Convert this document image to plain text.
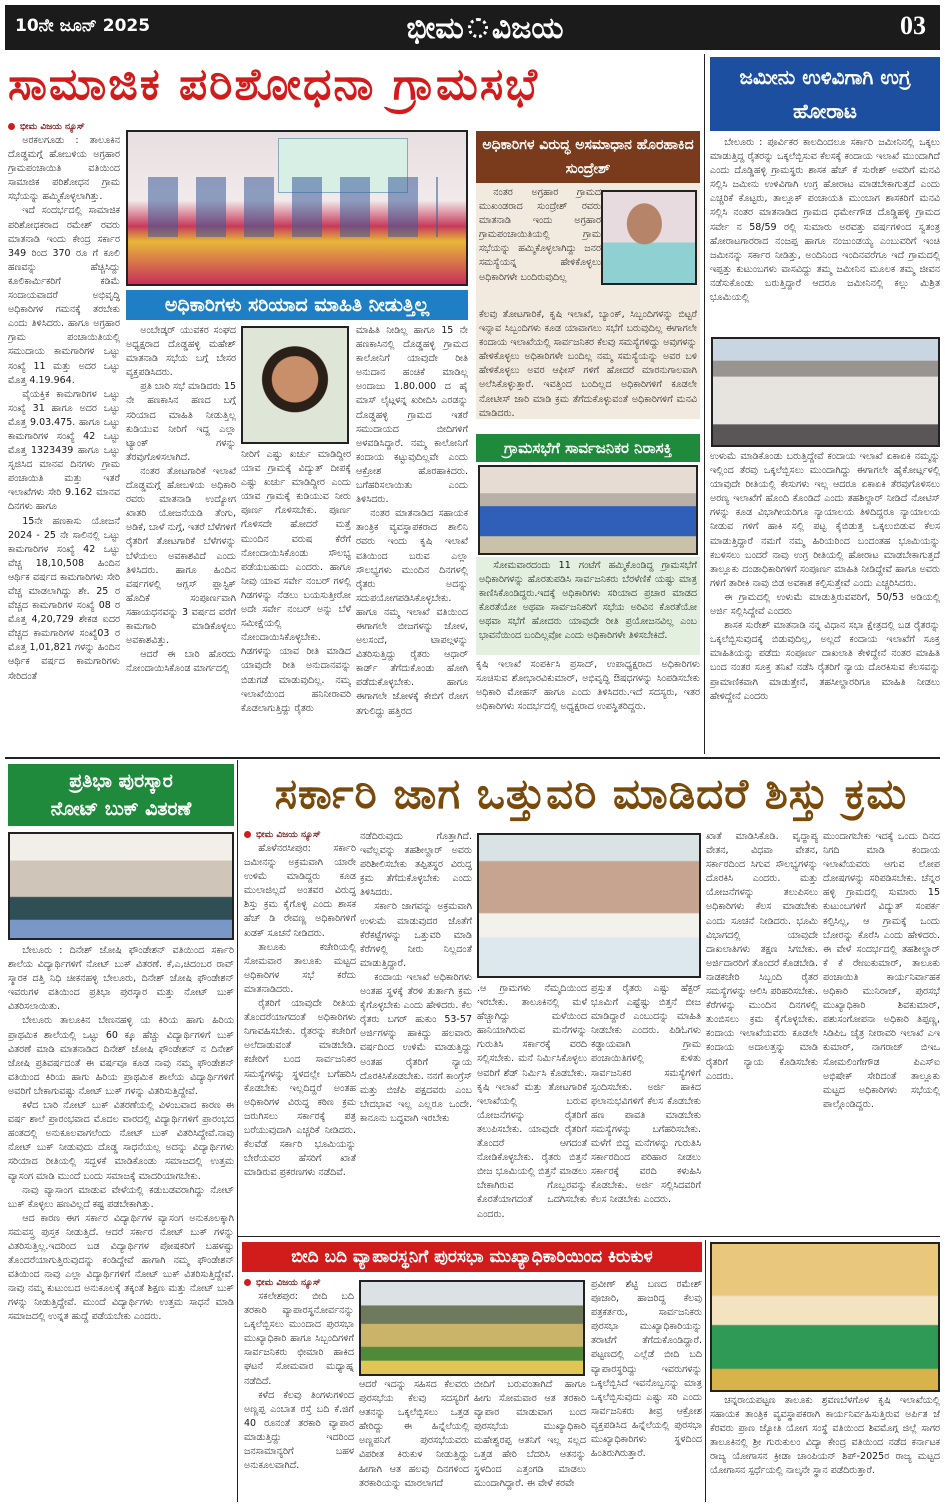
10ನೇ ಜೂನ್ 2025	ಭೀಮ ವಿಜಯ	03
ಸಾಮಾಜಿಕ ಪರಿಶೋಧನಾ ಗ್ರಾಮಸಭೆ
ಭೀಮ ವಿಜಯ ನ್ಯೂಸ್

ಅರಕಲಗೂಡು : ತಾಲೂಕಿನ ದೊಡ್ಡಮಗ್ಗೆ ಹೋಬಳಿಯ ಅಗ್ರಹಾರ ಗ್ರಾಮಪಂಚಾಯಿತಿ ವತಿಯಿಂದ ಸಾಮಾಜಿಕ ಪರಿಶೋಧನ ಗ್ರಾಮ ಸಭೆಯನ್ನು ಹಮ್ಮಿಕೊಳ್ಳಲಾಗಿತ್ತು.

ಇದೆ ಸಂದರ್ಭದಲ್ಲಿ ಸಾಮಾಜಿಕ ಪರಿಶೋಧಕರಾದ ರಮೇಶ್ ರವರು ಮಾತನಾಡಿ ಇಂದು ಕೇಂದ್ರ ಸರ್ಕಾರ 349 ರಿಂದ 370 ರೂ ಗೆ ಕೂಲಿ ಹಣವನ್ನು ಹೆಚ್ಚಿಸಿದ್ದು ಕೂಲಿಕಾರ್ಮಿಕರಿಗೆ ಕಡಿಮೆ ಸಂದಾಯವಾದರೆ ಅಭಿವೃದ್ಧಿ ಅಧಿಕಾರಿಗಳ ಗಮನಕ್ಕೆ ತರಬೇಕು ಎಂದು ತಿಳಿಸಿದರು. ಹಾಗೂ ಅಗ್ರಹಾರ ಗ್ರಾಮ ಪಂಚಾಯಿತಿಯಲ್ಲಿ ಸಮುದಾಯ ಕಾಮಗಾರಿಗಳ ಒಟ್ಟು ಸಂಖ್ಯೆ 11 ಮತ್ತು ಅದರ ಒಟ್ಟು ಮೊತ್ತ 4.19.964.

ವೈಯಕ್ತಿಕ ಕಾಮಗಾರಿಗಳ ಒಟ್ಟು ಸಂಖ್ಯೆ 31 ಹಾಗೂ ಅದರ ಒಟ್ಟು ಮೊತ್ತ 9.03.475. ಹಾಗೂ ಒಟ್ಟು ಕಾಮಗಾರಿಗಳ ಸಂಖ್ಯೆ 42 ಒಟ್ಟು ಮೊತ್ತ 1323439 ಹಾಗೂ ಒಟ್ಟು ಸೃಜಿಸಿದ ಮಾನವ ದಿನಗಳು ಗ್ರಾಮ ಪಂಚಾಯಿತಿ ಮತ್ತು ಇತರೆ ಇಲಾಖೆಗಳು ಸೇರಿ 9.162 ಮಾನವ ದಿನಗಳು ಹಾಗೂ

15ನೇ ಹಣಕಾಸು ಯೋಜನೆ 2024 - 25 ನೇ ಸಾಲಿನಲ್ಲಿ ಒಟ್ಟು ಕಾಮಗಾರಿಗಳ ಸಂಖ್ಯೆ 42 ಒಟ್ಟು ವೆಚ್ಚ 18,10,508 ಹಿಂದಿನ ಆರ್ಥಿಕ ವರ್ಷದ ಕಾಮಗಾರಿಗಳು ಸೇರಿ ವೆಚ್ಚ ಮಾಡಲಾಗಿದ್ದು ಶೇ. 25 ರ ವೆಚ್ಚದ ಕಾಮಗಾರಿಗಳ ಸಂಖ್ಯೆ 08 ರ ಮೊತ್ತ 4,20,729 ಶೇಕಡ ಐದರ ವೆಚ್ಚದ ಕಾಮಗಾರಿಗಳ ಸಂಖ್ಯೆ03 ರ ಮೊತ್ತ 1,01,821 ಗಳನ್ನು ಹಿಂದಿನ ಆರ್ಥಿಕ ವರ್ಷದ ಕಾಮಗಾರಿಗಳು ಸೇರಿದಂತೆ

ಅಧಿಕಾರಿಗಳು ಸರಿಯಾದ ಮಾಹಿತಿ ನೀಡುತ್ತಿಲ್ಲ

ಅಂಬೇಡ್ಕರ್ ಯುವಕರ ಸಂಘದ ಅಧ್ಯಕ್ಷರಾದ ದೊಡ್ಡಹಳ್ಳಿ ಮಹೇಶ್ ಮಾತನಾಡಿ ಸಭೆಯ ಬಗ್ಗೆ ಬೇಸರ ವ್ಯಕ್ತಪಡಿಸಿದರು.

ಪ್ರತಿ ಬಾರಿ ಸಭೆ ಮಾಡಿದರು 15 ನೇ ಹಣಕಾಸಿನ ಹಣದ ಬಗ್ಗೆ ಸರಿಯಾದ ಮಾಹಿತಿ ನೀಡುತ್ತಿಲ್ಲ ಕುಡಿಯುವ ನೀರಿಗೆ ಇದ್ದ ಎಲ್ಲಾ ಟ್ಯಾಂಕ್ ಗಳನ್ನು ತೆರವುಗೊಳಿಸಲಾಗಿದೆ.

ನಂತರ ತೋಟಗಾರಿಕೆ ಇಲಾಖೆ ದೊಡ್ಡಮಗ್ಗೆ ಹೋಬಳಿಯ ಅಧಿಕಾರಿ ರವರು ಮಾತನಾಡಿ ಉದ್ಯೋಗ ಖಾತರಿ ಯೋಜನೆಯಡಿ ತೆಂಗು, ಅಡಿಕೆ, ಬಾಳೆ ನುಗ್ಗೆ, ಇತರೆ ಬೆಳೆಗಳಿಗೆ ರೈತರಿಗೆ ತೋಟಗಾರಿಕೆ ಬೆಳೆಗಳನ್ನು ಬೆಳೆಯಲು ಅವಕಾಶವಿದೆ ಎಂದು ತಿಳಿಸಿದರು. ಹಾಗೂ ಹಿಂದಿನ ವರ್ಷಗಳಲ್ಲಿ ಆಗ್ಲಸ್ ಪ್ಲಾಸ್ಟಿಕ್ ಹೊದಿಕೆ ಸಂಪೂರ್ಣವಾಗಿ ಸಹಾಯಧನವನ್ನು 3 ವರ್ಷದ ವರೆಗೆ ಕಾಮಗಾರಿ ಮಾಡಿಕೊಳ್ಳಲು ಅವಕಾಶವಿತ್ತು.

ಆದರೆ ಈ ಬಾರಿ ಹೊರದು ನೋಂದಾಯಿಸಿಕೊಂಡ ಮಾರ್ಗದಲ್ಲಿ

ನೀರಿಗೆ ಎಷ್ಟು ಖರ್ಚು ಮಾಡಿದ್ದೀರ ಯಾವ ಗ್ರಾಮಕ್ಕೆ ವಿದ್ಯುತ್ ದೀಪಕ್ಕೆ ಎಷ್ಟು ಖರ್ಚು ಮಾಡಿದ್ದೀರ ಎಂದು ಯಾವ ಗ್ರಾಮಕ್ಕೆ ಕುಡಿಯುವ ನೀರು ಪೂರ್ಣ ಗೊಳಿಸಬೇಕು. ಪೂರ್ಣ ಗೊಳಿಸದೇ ಹೋದರೆ ಮತ್ತೆ ಮುಂದಿನ ವರುಷ ಕೆರೆಗೆ ನೋಂದಾಯಿಸಿಕೊಂಡು ಸೌಲಭ್ಯ ಪಡೆಯಬಹುದು ಎಂದರು. ಹಾಗೂ ನೀವು ಯಾವ ಸರ್ವೇ ನಂಬರ್ ಗಳಲ್ಲಿ ಗಿಡಗಳನ್ನು ನೆಡಲು ಬಯಸುತ್ತೀರೋ ಅದೇ ಸರ್ವೇ ನಂಬರ್ ಅನ್ನು ಬೆಳೆ ಸಮೀಕ್ಷೆಯಲ್ಲಿ ನೋಂದಾಯಿಸಿಕೊಳ್ಳಬೇಕು. ಗಿಡಗಳನ್ನು ಯಾವ ರೀತಿ ಮಾಡಿದ ಯಾವುದೇ ರೀತಿ ಅನುದಾನವನ್ನು ಬಿಡುಗಡೆ ಮಾಡುವುದಿಲ್ಲ. ನಮ್ಮ ಇಲಾಖೆಯಿಂದ ಹನಿನೀರಾವರಿ ಕೊಡಲಾಗುತ್ತಿದ್ದು ರೈತರು

ಮಾಹಿತಿ ನೀಡಿಲ್ಲ ಹಾಗೂ 15 ನೇ ಹಣಕಾಸಿನಲ್ಲಿ ದೊಡ್ಡಹಳ್ಳಿ ಗ್ರಾಮದ ಕಾಲೋನಿಗೆ ಯಾವುದೇ ರೀತಿ ಅನುದಾನ ಹಂಚಿಕೆ ಮಾಡಿಲ್ಲ ಅಂದಾಜು 1.80.000 ದ ಹೈ ಮಾಸ್ ಲೈಟ್ಗಳನ್ನ ಖರೀದಿಸಿ ಎರಡನ್ನು ದೊಡ್ಡಹಳ್ಳಿ ಗ್ರಾಮದ ಇತರೆ ಸಮುದಾಯದ ಬೀದಿಗಳಿಗೆ ಅಳವಡಿಸಿದ್ದಾರೆ. ನಮ್ಮ ಕಾಲೋನಿಗೆ ಕಂದಾಯ ಕಟ್ಟುವುದಿಲ್ಲವೇ ಎಂದು ಆಕ್ರೋಶ ಹೊರಹಾಕಿದರು. ಬಗೆಹರಿಸಲಾಯಿತು ಎಂದು ತಿಳಿಸಿದರು.

ನಂತರ ಮಾತನಾಡಿದ ಸಹಾಯಕ ತಾಂತ್ರಿಕ ವ್ಯವಸ್ಥಾಪಕರಾದ ಶಾಲಿನಿ ರವರು ಇಂದು ಕೃಷಿ ಇಲಾಖೆ ವತಿಯಿಂದ ಬರುವ ಎಲ್ಲಾ ಸೌಲಭ್ಯಗಳು ಮುಂದಿನ ದಿನಗಳಲ್ಲಿ ರೈತರು ಅದನ್ನು ಸದುಪಯೋಗಪಡಿಸಿಕೊಳ್ಳಬೇಕು. ಹಾಗೂ ನಮ್ಮ ಇಲಾಖೆ ವತಿಯಿಂದ ಈಗಾಗಲೇ ಬೀಜಗಳನ್ನು ಜೋಳ, ಅಲಸಂದೆ, ಟಾಪಲ್ಗಳನ್ನು ವಿತರಿಸುತ್ತಿದ್ದು ರೈತರು ಆಧಾರ್ ಕಾರ್ಡ್ ತೆಗೆದುಕೊಂಡು ಹೋಗಿ ಪಡೆದುಕೊಳ್ಳಬೇಕು. ಹಾಗೂ ಈಗಾಗಲೇ ಜೋಳಕ್ಕೆ ಕೇಬಿಗೆ ರೋಗ ತಗುಲಿದ್ದು ಹತ್ತಿರದ

ಅಧಿಕಾರಿಗಳ ವಿರುದ್ಧ ಅಸಮಾಧಾನ ಹೊರಹಾಕಿದ ಸುಂದ್ರೇಶ್

ನಂತರ ಅಗ್ರಹಾರ ಗ್ರಾಮದ ಮುಖಂಡರಾದ ಸುಂದ್ರೇಶ್ ರವರು ಮಾತನಾಡಿ ಇಂದು ಅಗ್ರಹಾರ ಗ್ರಾಮಪಂಚಾಯಿತಿಯಲ್ಲಿ ಗ್ರಾಮ ಸಭೆಯನ್ನು ಹಮ್ಮಿಕೊಳ್ಳಲಾಗಿದ್ದು ಜನರ ಸಮಸ್ಯೆಯನ್ನ ಹೇಳಿಕೊಳ್ಳಲು ಅಧಿಕಾರಿಗಳೇ ಬಂದಿರುವುದಿಲ್ಲ

ಕೆಲವು ತೋಟಗಾರಿಕೆ, ಕೃಷಿ ಇಲಾಖೆ, ಬ್ಯಾಂಕ್, ಸಿಬ್ಬಂದಿಗಳನ್ನು ಬಿಟ್ಟರೆ ಇನ್ನಾವ ಸಿಬ್ಬಂದಿಗಳು ಕೂಡ ಯಾವಾಗಲು ಸಭೆಗೆ ಬರುವುದಿಲ್ಲ ಈಗಾಗಲೇ ಕಂದಾಯ ಇಲಾಖೆಯಲ್ಲಿ ಸಾರ್ವಜನಿಕರ ಕೆಲವು ಸಮಸ್ಯೆಗಳಿದ್ದು ಅವುಗಳನ್ನು ಹೇಳಿಕೊಳ್ಳಲು ಅಧಿಕಾರಿಗಳೇ ಬಂದಿಲ್ಲ ನಮ್ಮ ಸಮಸ್ಯೆಯನ್ನು ಅವರ ಬಳಿ ಹೇಳಿಕೊಳ್ಳಲು ಅವರ ಆಫೀಸ್ ಗಳಿಗೆ ಹೋದರೆ ಮಾರನುಗಾಲವಾಗಿ ಅಲೆಸಿಕೊಳ್ಳುತ್ತಾರೆ. ಇವತ್ತಿಂದ ಬಂದಿಲ್ಲದ ಅಧಿಕಾರಿಗಳಿಗೆ ಕೂಡಲೇ ನೋಟೀಸ್ ಜಾರಿ ಮಾಡಿ ಕ್ರಮ ತೆಗೆದುಕೊಳ್ಳುವಂತೆ ಅಧಿಕಾರಿಗಳಿಗೆ ಮನವಿ ಮಾಡಿದರು.

ಗ್ರಾಮಸಭೆಗೆ ಸಾರ್ವಜನಿಕರ ನಿರಾಸಕ್ತಿ

ಸೋಮವಾರದಂದು 11 ಗಂಟೆಗೆ ಹಮ್ಮಿಕೊಂಡಿದ್ದ ಗ್ರಾಮಸಭೆಗೆ ಅಧಿಕಾರಿಗಳನ್ನು ಹೊರತುಪಡಿಸಿ ಸಾರ್ವಜನಿಕರು ಬೆರಳೆಣಿಕೆ ಯಷ್ಟು ಮಾತ್ರ ಕಾಣಿಸಿಕೊಂಡಿದ್ದರು.ಇದಕ್ಕೆ ಅಧಿಕಾರಿಗಳು ಸರಿಯಾದ ಪ್ರಚಾರ ಮಾಡದ ಕೊರತೆಯೋ ಅಥವಾ ಸಾರ್ವಜನಿಕರಿಗೆ ಸಭೆಯ ಅರಿವಿನ ಕೊರತೆಯೋ ಅಥವಾ ಸಭೆಗೆ ಹೋದರು ಯಾವುದೇ ರೀತಿ ಪ್ರಯೋಜನವಿಲ್ಲ ಎಂಬ ಭಾವನೆಯಿಂದ ಬಂದಿಲ್ಲವೋ ಎಂದು ಅಧಿಕಾರಿಗಳೇ ತಿಳಿಸಬೇಕಿದೆ.

ಕೃಷಿ ಇಲಾಖೆ ಸಂಪರ್ಕಿಸಿ ಪ್ರಸಾದ್, ಉಪಾಧ್ಯಕ್ಷರಾದ ಅಧಿಕಾರಿಗಳು ಸೂಚಿಸುವ ಶೋಭಾರವಿಕುಮಾರ್, ಅಭಿವೃದ್ಧಿ ಔಷಧಗಳನ್ನು ಸಿಂಪಡಿಸಬೇಕು ಅಧಿಕಾರಿ ಮೋಹನ್ ಹಾಗೂ ಎಂದು ತಿಳಿಸಿದರು.ಇದೆ ಸದಸ್ಯರು, ಇತರ ಅಧಿಕಾರಿಗಳು ಸಂದರ್ಭದಲ್ಲಿ ಅಧ್ಯಕ್ಷರಾದ ಉಪಸ್ಥಿತರಿದ್ದರು.

ಜಮೀನು ಉಳಿವಿಗಾಗಿ ಉಗ್ರ ಹೋರಾಟ

ಬೇಲೂರು : ಪೂರ್ವಿಕರ ಕಾಲದಿಂದಲೂ ಸರ್ಕಾರಿ ಜಮೀನಿನಲ್ಲಿ ಒಕ್ಕಲು ಮಾಡುತ್ತಿದ್ದ ರೈತರನ್ನು ಒಕ್ಕಲೆಬ್ಬಿಸುವ ಕೆಲಸಕ್ಕೆ ಕಂದಾಯ ಇಲಾಖೆ ಮುಂದಾಗಿದೆ ಎಂದು ದೊಡ್ಡಿಹಳ್ಳಿ ಗ್ರಾಮಸ್ಥರು ಶಾಸಕ ಹೆಚ್ ಕೆ ಸುರೇಶ್ ಅವರಿಗೆ ಮನವಿ ಸಲ್ಲಿಸಿ ಜಮೀನು ಉಳಿವಿಗಾಗಿ ಉಗ್ರ ಹೋರಾಟ ಮಾಡಬೇಕಾಗುತ್ತದೆ ಎಂದು ಎಚ್ಚರಿಕೆ ಕೊಟ್ಟರು, ತಾಲ್ಲೂಕ್ ಪಂಚಾಯತಿ ಮುಂಬಾಗ ಶಾಸಕರಿಗೆ ಮನವಿ ಸಲ್ಲಿಸಿ ನಂತರ ಮಾತನಾಡಿದ ಗ್ರಾಮದ ಧರ್ಮೇಗೌಡ ದೊಡ್ಡಿಹಳ್ಳಿ ಗ್ರಾಮದ ಸರ್ವೇ ನ 58/59 ರಲ್ಲಿ ಸುಮಾರು ಅರವತ್ತು ವರ್ಷಗಳಿಂದ ಸ್ವತಂತ್ರ ಹೋರಾಟಗಾರರಾದ ನಂಜಪ್ಪ ಹಾಗೂ ನಂಜುಂಡಯ್ಯ ಎಂಬುವರಿಗೆ ಇಂಚಿ ಜಮೀನನ್ನು ಸರ್ಕಾರ ನೀಡಿತ್ತು, ಅಂದಿನಿಂದ ಇಂದಿನವರೆಗೂ ಇದೆ ಗ್ರಾಮದಲ್ಲಿ ಇಪ್ಪತ್ತು ಕುಟುಂಬಗಳು ವಾಸವಿದ್ದು ತಮ್ಮ ಜಮೀನಿನ ಮೂಲಕ ತಮ್ಮ ಜೀವನ ನಡೆಸುಕೊಂಡು ಬರುತ್ತಿದ್ದಾರೆ ಆದರೂ ಜಮೀನಿನಲ್ಲಿ ಕಲ್ಲು ಮಿಶ್ರಿತ ಭೂಮಿಯಲ್ಲಿ

ಉಳುಮೆ ಮಾಡಿಕೊಂಡು ಬರುತ್ತಿದ್ದೇವೆ ಕಂದಾಯ ಇಲಾಖೆ ಏಕಾಏಕಿ ನಮ್ಮನ್ನು ಇಲ್ಲಿಂದ ತೆರವು ಒಕ್ಕಲೆಬ್ಬಿಸಲು ಮುಂದಾಗಿದ್ದು ಈಗಾಗಲೇ ಹೈಕೋರ್ಟ್ಗಳಲ್ಲಿ ಯಾವುದೇ ರೀತಿಯಲ್ಲಿ ಕೇಸುಗಳು ಇಲ್ಲ ಆದರೂ ಏಕಾಏಕಿ ತೆರವುಗೊಳಿಸಲು ಅರಣ್ಯ ಇಲಾಖೆಗೆ ಹೊಂದಿ ಕೊಂಡಿದೆ ಎಂದು ತಹಶಿಲ್ದಾರ್ ನೀಡಿದೆ ನೋಟಿಸ್ ಗಳನ್ನು ಕೂಡ ವಿಭಾಗೀಯರಿಗೂ ನ್ಯಾಯಾಲಯ ತಿಳಿದಿದ್ದರೂ ನ್ಯಾಯಾಲಯ ನೀಡುವ ಗಳಿಗೆ ಹಾಕಿ ಸಲ್ಲಿ ಪಟ್ಟ ಕೈಬಿಡುತ್ತ ಒಕ್ಕಲುಬಿಡುವ ಕೆಲಸ ಮಾಡುತ್ತಿದ್ದಾರೆ ನಮಗೆ ನಮ್ಮ ಹಿರಿಯರಿಂದ ಬಂದಂತಹ ಭೂಮಿಯನ್ನು ಕಬಳಿಸಲು ಬಂದರೆ ನಾವು ಉಗ್ರ ರೀತಿಯಲ್ಲಿ ಹೋರಾಟ ಮಾಡಬೇಕಾಗುತ್ತದೆ ತಾಲ್ಲೂಕು ದಂಡಾಧಿಕಾರಿಗಳಿಗೆ ಸಂಪೂರ್ಣ ಮಾಹಿತಿ ನೀಡಿದ್ದೇವೆ ಹಾಗೂ ಅವರು ಗಳಿಗೆ ತಾರೀಕಿ ನಾವು ಬಿಡ ಅವಕಾಶ ಕಲ್ಪಿಸುತ್ತೇವೆ ಎಂದು ಎಚ್ಚರಿಸಿದರು.

ಈ ಗ್ರಾಮದಲ್ಲಿ ಉಳುಮೆ ಮಾಡುತ್ತಿರುವವರಿಗೆ, 50/53 ಅಡಿಯಲ್ಲಿ ಅರ್ಜಿ ಸಲ್ಲಿಸಿದ್ದೇವೆ ಎಂದರು

ಶಾಸಕ ಸುರೇಶ್ ಮಾತನಾಡಿ ನನ್ನ ವಿಧಾನ ಸಭಾ ಕ್ಷೇತ್ರದಲ್ಲಿ ಬಡ ರೈತರನ್ನು ಒಕ್ಕಲೆಬ್ಬಿಸುವುದಕ್ಕೆ ಬಿಡುವುದಿಲ್ಲ, ಅಲ್ಲದೆ ಕಂದಾಯ ಇಲಾಖೆಗೆ ಸೂಕ್ತ ಮಾಹಿತಿಯನ್ನು ಪಡೆದು ಸಂಪೂರ್ಣ ದಾಖಲಾತಿ ಕೇಳಿದ್ದೇನೆ ನಂತರ ಮಾಹಿತಿ ಬಂದ ನಂತರ ಸೂಕ್ತ ತನಿಖೆ ನಡೆಸಿ ರೈತರಿಗೆ ನ್ಯಾಯ ದೊರಕಿಸುವ ಕೆಲಸವನ್ನು ಪ್ರಾಮಾಣಿಕವಾಗಿ ಮಾಡುತ್ತೇನೆ, ತಹಸೀಲ್ದಾರರಿಗೂ ಮಾಹಿತಿ ನೀಡಲು ಹೇಳಿದ್ದೇನೆ ಎಂದರು

ಪ್ರತಿಭಾ ಪುರಸ್ಕಾರ
ನೋಟ್ ಬುಕ್ ವಿತರಣೆ

ಬೇಲೂರು : ದಿನೇಶ್ ಜೋಷಿ ಫೌಂಡೇಶನ್ ವತಿಯಿಂದ ಸರ್ಕಾರಿ ಶಾಲೆಯ ವಿದ್ಯಾರ್ಥಿಗಳಿಗೆ ನೋಟ್ ಬುಕ್ ವಿತರಣೆ. ಕೆ,ಎ,ಚಿದಂಬರ ರಾವ್ ಸ್ಮಾರಕ ದತ್ತಿ ನಿಧಿ ಚೀಕನಹಳ್ಳಿ ಬೇಲೂರು, ದಿನೇಶ್ ಜೋಷಿ ಫೌಂಡೇಶನ್ ಇವರುಗಳ ವತಿಯಿಂದ ಪ್ರತಿಭಾ ಪುರಸ್ಕಾರ ಮತ್ತು ನೋಟ್ ಬುಕ್ ವಿತರಿಸಲಾಯಿತು.

ಬೇಲೂರು ತಾಲೂಕಿನ ಬೇಣನಹಳ್ಳಿ ಯ ಕಿರಿಯ ಹಾಗು ಹಿರಿಯ ಪ್ರಾಥಮಿಕ ಶಾಲೆಯಲ್ಲಿ ಒಟ್ಟು 60 ಕ್ಕೂ ಹೆಚ್ಚು ವಿದ್ಯಾರ್ಥಿಗಳಿಗೆ ಬುಕ್ ವಿತರಣೆ ಮಾಡಿ ಮಾತನಾಡಿದ ದಿನೇಶ್ ಜೋಷಿ ಫೌಂಡೇಶನ್ ನ ದಿನೇಶ್ ಜೋಷಿ ಪ್ರತಿವರ್ಷದಂತೆ ಈ ವರ್ಷವೂ ಕೂಡ ನಾವು ನಮ್ಮ ಫೌಂಡೇಶನ್ ವತಿಯಿಂದ ಕಿರಿಯ ಹಾಗು ಹಿರಿಯ ಪ್ರಾಥಮಿಕ ಶಾಲೆಯ ವಿದ್ಯಾರ್ಥಿಗಳಿಗೆ ಅವರಿಗೆ ಬೇಕಾಗುವಷ್ಟು ನೋಟ್ ಬುಕ್ ಗಳನ್ನು ವಿತರಿಸುತ್ತಿದ್ದೇವೆ.

ಕಳೆದ ಬಾರಿ ನೋಟ್ ಬುಕ್ ವಿತರಣೆಯಲ್ಲಿ ವಿಳಂಬವಾದ ಕಾರಣ ಈ ವರ್ಷ ಶಾಲೆ ಪ್ರಾರಂಭವಾದ ಮೊದಲ ವಾರದಲ್ಲಿ ವಿದ್ಯಾರ್ಥಿಗಳಿಗೆ ಪ್ರಾರಂಭದ ಹಂತದಲ್ಲಿ ಅನುಕೂಲವಾಗಲೆಂದು ನೋಟ್ ಬುಕ್ ವಿತರಿಸಿದ್ದೇವೆ.ನಾವು ನೋಟ್ ಬುಕ್ ನೀಡುವುದು ದೊಡ್ಡ ಸಾಧನೆಯಲ್ಲ ಅದನ್ನು ವಿದ್ಯಾರ್ಥಿಗಳು ಸರಿಯಾದ ರೀತಿಯಲ್ಲಿ ಸದ್ಬಳಕೆ ಮಾಡಿಕೊಂಡು ಸಮಾಜದಲ್ಲಿ ಉತ್ತಮ ವ್ಯಾಸಂಗ ಮಾಡಿ ಮುಂದೆ ಬಂದು ಸಮಾಜಕ್ಕೆ ಮಾದರಿಯಾಗಬೇಕು.

ನಾವು ವ್ಯಾಸಾಂಗ ಮಾಡುವ ವೇಳೆಯಲ್ಲಿ ಕಡುಬಡವರಾಗಿದ್ದು ನೋಟ್ ಬುಕ್ ಕೊಳ್ಳಲು ಹಣವಿಲ್ಲದೆ ಕಷ್ಟ ಪಡಬೇಕಾಗಿತ್ತು.

ಆದ ಕಾರಣ ಈಗ ಸರ್ಕಾರ ವಿದ್ಯಾರ್ಥಿಗಳ ವ್ಯಾಸಂಗ ಅನುಕೂಲಕ್ಕಾಗಿ ಸಮವಸ್ತ್ರ ಪುಸ್ತಕ ನೀಡುತ್ತಿದೆ. ಆದರೆ ಸರ್ಕಾರ ನೋಟ್ ಬುಕ್ ಗಳನ್ನು ವಿತರಿಸುತ್ತಿಲ್ಲ.ಇದರಿಂದ ಬಡ ವಿದ್ಯಾರ್ಥಿಗಳ ಪೋಷಕರಿಗೆ ಬಹಳಷ್ಟು ತೊಂದರೆಯಾಗುತ್ತಿರುವುದನ್ನು ಕಂಡಿದ್ದೇವೆ ಹಾಗಾಗಿ ನಮ್ಮ ಫೌಂಡೇಶನ್ ವತಿಯಿಂದ ನಾವು ಎಲ್ಲಾ ವಿದ್ಯಾರ್ಥಿಗಳಿಗೆ ನೋಟ್ ಬುಕ್ ವಿತರಿಸುತ್ತಿದ್ದೇವೆ. ನಾವು ನಮ್ಮ ಕುಟುಂಬದ ಅನುಕೂಲಕ್ಕೆ ತಕ್ಕಂತೆ ಶಿಕ್ಷಣ ಮತ್ತು ನೋಟ್ ಬುಕ್ ಗಳನ್ನು ನೀಡುತ್ತಿದ್ದೇವೆ. ಮುಂದೆ ವಿದ್ಯಾರ್ಥಿಗಳು ಉತ್ತಮ ಸಾಧನೆ ಮಾಡಿ ಸಮಾಜದಲ್ಲಿ ಉನ್ನತ ಹುದ್ದೆ ಪಡೆಯಬೇಕು ಎಂದರು.

ಸರ್ಕಾರಿ ಜಾಗ ಒತ್ತುವರಿ ಮಾಡಿದರೆ ಶಿಸ್ತು ಕ್ರಮ
ಭೀಮ ವಿಜಯ ನ್ಯೂಸ್

ಹೊಳೆನರಸೀಪುರ: ಸರ್ಕಾರಿ ಜಮೀನನ್ನು ಅಕ್ರಮವಾಗಿ ಯಾರೇ ಉಳಿಮೆ ಮಾಡಿದ್ದರು ಕೂಡ ಮುಲಾಜಿಲ್ಲದೆ ಅಂತವರ ವಿರುದ್ಧ ಶಿಸ್ತು ಕ್ರಮ ಕೈಗೊಳ್ಳಿ ಎಂದು ಶಾಸಕ ಹೆಚ್ ಡಿ ರೇವಣ್ಣ ಅಧಿಕಾರಿಗಳಿಗೆ ಖಡಕ್ ಸೂಚನೆ ನೀಡಿದರು.

ತಾಲೂಕು ಕಚೇರಿಯಲ್ಲಿ ಸೋಮವಾರ ತಾಲೂಕು ಮಟ್ಟದ ಅಧಿಕಾರಿಗಳ ಸಭೆ ಕರೆದು ಮಾತನಾಡಿದರು.

ರೈತರಿಗೆ ಯಾವುದೇ ರೀತಿಯ ತೊಂದರೆಯಾಗದಂತೆ ಅಧಿಕಾರಿಗಳು ನಿಗಾವಹಿಸಬೇಕು. ರೈತರನ್ನು ಕಚೇರಿಗೆ ಅಲೆದಾಡುವಂತೆ ಮಾಡಬೇಡಿ. ಕಚೇರಿಗೆ ಬಂದ ಸಾರ್ವಜನಿಕರ ಸಮಸ್ಯೆಗಳನ್ನು ಸ್ಥಳದಲ್ಲೇ ಬಗೆಹರಿಸಿ ಕೊಡಬೇಕು ಇಲ್ಲದಿದ್ದರೆ ಅಂತಹ ಅಧಿಕಾರಿಗಳ ವಿರುದ್ಧ ಕಠಿಣ ಕ್ರಮ ಜರುಗಿಸಲು ಸರ್ಕಾರಕ್ಕೆ ಪತ್ರ ಬರೆಯುವುದಾಗಿ ಎಚ್ಚರಿಕೆ ನೀಡಿದರು. ಕೆಲವೆಡೆ ಸರ್ಕಾರಿ ಭೂಮಿಯನ್ನು ಬೇರೆಯವರ ಹೆಸರಿಗೆ ಖಾತೆ ಮಾಡಿರುವ ಪ್ರಕರಣಗಳು ನಡೆದಿವೆ.

ನಡೆದಿರುವುದು ಗೊತ್ತಾಗಿದೆ. ಇವೆಲ್ಲವನ್ನು ತಹಶೀಲ್ದಾರ್ ಅವರು ಪರಿಶೀಲಿಸಬೇಕು ತಪ್ಪಿತಸ್ಥರ ವಿರುದ್ಧ ಕ್ರಮ ತೆಗೆದುಕೊಳ್ಳಬೇಕು ಎಂದು ತಿಳಿಸಿದರು.

ಸರ್ಕಾರಿ ಜಾಗವನ್ನು ಅಕ್ರಮವಾಗಿ ಉಳುಮೆ ಮಾಡುವುದರ ಜೊತೆಗೆ ಕೆರೆಕಟ್ಟೆಗಳನ್ನು ಒತ್ತುವರಿ ಮಾಡಿ ಕೆರೆಗಳಲ್ಲಿ ನೀರು ನಿಲ್ಲದಂತೆ ಮಾಡುತ್ತಿದ್ದಾರೆ.

ಕಂದಾಯ ಇಲಾಖೆ ಅಧಿಕಾರಿಗಳು ಅಂತಹ ಸ್ಥಳಕ್ಕೆ ತೆರಳಿ ತುರ್ತಾಗಿ ಕ್ರಮ ಕೈಗೊಳ್ಳಬೇಕು ಎಂದು ಹೇಳಿದರು. ಕೆಲ ರೈತರು ಬಗರ್ ಹುಕುಂ 53-57 ಅರ್ಜಿಗಳನ್ನು ಹಾಕಿದ್ದು ಹಲವಾರು ವರ್ಷದಿಂದ ಉಳಿಮೆ ಮಾಡುತ್ತಿದ್ದು ಅಂತಹ ರೈತರಿಗೆ ನ್ಯಾಯ ದೊರಕಿಸಿಕೊಡಬೇಕು. ನನಗೆ ಕಾಂಗ್ರೆಸ್ ಮತ್ತು ಬಿಜೆಪಿ ಪಕ್ಷದವರು ಎಂಬ ಬೇದಭಾವ ಇಲ್ಲ ಎಲ್ಲರೂ ಒಂದೇ. ಕಾನೂನು ಬದ್ಧವಾಗಿ ಇರಬೇಕು

.ಆ ಗ್ರಾಮಗಳು ನೆಮ್ಮದಿಯಿಂದ ಇರಬೇಕು. ತಾಲೂಕಿನಲ್ಲಿ ಮಳೆ ಹೆಚ್ಚಾಗಿದ್ದು ಮಳೆಯಿಂದ ಹಾನಿಯಾಗಿರುವ ಮನೆಗಳನ್ನು ಗುರುತಿಸಿ ಸರ್ಕಾರಕ್ಕೆ ವರದಿ ಸಲ್ಲಿಸಬೇಕು. ಮನೆ ನಿರ್ಮಿಸಿಕೊಳ್ಳಲು ಅವರಿಗೆ ಶೆಡ್ ನಿರ್ಮಿಸಿ ಕೊಡಬೇಕು. ಕೃಷಿ ಇಲಾಖೆ ಮತ್ತು ತೋಟಗಾರಿಕೆ ಇಲಾಖೆಯಲ್ಲಿ ಬರುವ ಯೋಜನೆಗಳನ್ನು ರೈತರಿಗೆ ತಲುಪಿಸಬೇಕು. ಯಾವುದೇ ರೈತರಿಗೆ ತೊಂದರೆ ಆಗದಂತೆ ನೋಡಿಕೊಳ್ಳಬೇಕು. ರೈತರು ಬಿತ್ತನೆ ಬೀಜ ಭೂಮಿಯಲ್ಲಿ ಬಿತ್ತನೆ ಮಾಡಲು ಬೇಕಾಗಿರುವ ಗೊಬ್ಬರವನ್ನು ಕೊರತೆಯಾಗದಂತೆ ಒದಗಿಸಬೇಕು ಎಂದರು.

ಪ್ರಸ್ತುತ ರೈತರು ಎಷ್ಟು ಹೆಕ್ಟರ್ ಭೂಮಿಗೆ ಎಷ್ಟೆಷ್ಟು ಬಿತ್ತನೆ ಬೀಜ ಮಾಡಿದ್ದಾರೆ ಎಂಬುದನ್ನು ಮಾಹಿತಿ ನೀಡಬೇಕು ಎಂದರು. ಪಿಡಿಓಗಳು ಕಡ್ಡಾಯವಾಗಿ ಗ್ರಾಮ ಪಂಚಾಯಿತಿಗಳಲ್ಲಿ ಕುಳಿತು ಸಾರ್ವಜನಿಕರ ಸಮಸ್ಯೆಗಳಿಗೆ ಸ್ಪಂದಿಸಬೇಕು. ಅರ್ಜಿ ಹಾಕಿದ ಫಲಾನುಭವಿಗಳಿಗೆ ಕೆಲಸ ಕೊಡಬೇಕು ಹಣ ಪಾವತಿ ಮಾಡಬೇಕು ಸಮಸ್ಯೆಗಳನ್ನು ಬಗೆಹರಿಸಬೇಕು. ಮಳೆಗೆ ಬಿದ್ದ ಮನೆಗಳನ್ನು ಗುರುತಿಸಿ ಸರ್ಕಾರದಿಂದ ಪರಿಹಾರ ನೀಡಲು ಸರ್ಕಾರಕ್ಕೆ ವರದಿ ಕಳುಹಿಸಿ ಕೊಡಬೇಕು. ಅರ್ಜಿ ಸಲ್ಲಿಸಿದವರಿಗೆ ಕೆಲಸ ನೀಡಬೇಕು ಎಂದರು.

ಖಾತೆ ಮಾಡಿಸಿಕೊಡಿ. ವೃದ್ಧಾಪ್ಯ ವೇತನ, ವಿಧವಾ ವೇತನ, ಸರ್ಕಾರದಿಂದ ಸಿಗುವ ಸೌಲಭ್ಯಗಳನ್ನು ದೊರಕಿಸಿ ಎಂದರು. ಮತ್ತು ಯೋಜನೆಗಳನ್ನು ತಲುಪಿಸಲು ಅಧಿಕಾರಿಗಳು ಕೆಲಸ ಮಾಡಬೇಕು ಎಂದು ಸೂಚನೆ ನೀಡಿದರು. ಭೂಮಿ ವಿಭಾಗದಲ್ಲಿ ಯಾವುದೇ ದಾಖಲಾತಿಗಳು ತಕ್ಷಣ ಸಿಗಬೇಕು. ಅರ್ಜಿದಾರರಿಗೆ ತೊಂದರೆ ಕೊಡಬೇಡಿ. ನಾಡಕಚೇರಿ ಸಿಬ್ಬಂದಿ ರೈತರ ಸಮಸ್ಯೆಗಳನ್ನು ಆಲಿಸಿ ಪರಿಹರಿಸಬೇಕು. ಕೆರೆಗಳನ್ನು ಮುಂದಿನ ದಿನಗಳಲ್ಲಿ ತುಂಬಿಸಲು ಕ್ರಮ ಕೈಗೊಳ್ಳಬೇಕು. ಕಂದಾಯ ಇಲಾಖೆಯವರು ಕೂಡಲೇ ಕಂದಾಯ ಅದಾಲತ್ತನ್ನು ಮಾಡಿ ರೈತರಿಗೆ ನ್ಯಾಯ ಕೊಡಿಸಬೇಕು ಎಂದರು.

ಮುಂದಾಗಬೇಕು ಇದಕ್ಕೆ ಒಂದು ದಿನದ ನಿಗದಿ ಮಾಡಿ ಕಂದಾಯ ಇಲಾಖೆಯವರು ಆಗುವ ಲೋಪ ದೋಷಗಳನ್ನು ಸರಿಪಡಿಸಬೇಕು. ಚೆನ್ನರ ಹಳ್ಳಿ ಗ್ರಾಮದಲ್ಲಿ ಸುಮಾರು 15 ಕುಟುಂಬಗಳಿಗೆ ವಿದ್ಯುತ್ ಸಂಪರ್ಕ ಕಲ್ಪಿಸಿಲ್ಲ, ಆ ಗ್ರಾಮಕ್ಕೆ ಒಂದು ಬೋರನ್ನು ಕೊರೆಸಿ ಎಂದು ಹೇಳಿದರು. ಈ ವೇಳೆ ಸಂದರ್ಭದಲ್ಲಿ ತಹಶೀಲ್ದಾರ್ ಕೆ ಕೆ ರೇಣುಕುಮಾರ್, ತಾಲೂಕು ಪಂಚಾಯಿತಿ ಕಾರ್ಯನಿರ್ವಾಹಕ ಅಧಿಕಾರಿ ಮುನಿರಾಜ್, ಪುರಸಭೆ ಮುಖ್ಯಾಧಿಕಾರಿ ಶಿವಕುಮಾರ್, ಪಶುಸಂಗೋಪನಾ ಅಧಿಕಾರಿ ತಿಪ್ಪಣ್ಣ, ಸಿಡಿಪಿಒ ಚೈತ್ರ ನೀರಾವರಿ ಇಲಾಖೆ ಎಇ ಕುಮಾರ್, ನಾಗರಾಜ್ ಬಿಇಒ ಸೋಮಲಿಂಗೇಗೌಡ ಪಿಎಸ್ಐ ಅಭಿಷೇಕ್ ಸೇರಿದಂತೆ ತಾಲ್ಲೂಕು ಮಟ್ಟದ ಅಧಿಕಾರಿಗಳು ಸಭೆಯಲ್ಲಿ ಪಾಲ್ಗೊಂಡಿದ್ದರು.

ಬೀದಿ ಬದಿ ವ್ಯಾಪಾರಸ್ಥನಿಗೆ ಪುರಸಭಾ ಮುಖ್ಯಾಧಿಕಾರಿಯಿಂದ ಕಿರುಕುಳ
ಭೀಮ ವಿಜಯ ನ್ಯೂಸ್

ಸಕಲೇಶಪುರ: ಬೀದಿ ಬದಿ ತರಕಾರಿ ವ್ಯಾಪಾರಸ್ಥನೋರ್ವನನ್ನು ಒಕ್ಕಲೆಬ್ಬಿಸಲು ಮುಂದಾದ ಪುರಸಭಾ ಮುಖ್ಯಾಧಿಕಾರಿ ಹಾಗೂ ಸಿಬ್ಬಂದಿಗಳಿಗೆ ಸಾರ್ವಜನಿಕರು ಛೀಮಾರಿ ಹಾಕಿದ ಘಟನೆ ಸೋಮವಾರ ಮಧ್ಯಾಹ್ನ ನಡೆದಿದೆ.

ಕಳೆದ ಕೆಲವು ತಿಂಗಳುಗಳಿಂದ ಅಣ್ಣಪ್ಪ ಎಂಬಾತ ರಸ್ತೆ ಬದಿ ಕೆ.ಜಿಗೆ 40 ರೂನಂತೆ ತರಕಾರಿ ವ್ಯಾಪಾರ ಮಾಡುತ್ತಿದ್ದು ಇದರಿಂದ ಜನಸಾಮಾನ್ಯರಿಗೆ ಬಹಳ ಅನುಕೂಲವಾಗಿದೆ.

ಆದರೆ ಇದನ್ನು ಸಹಿಸದ ಕೆಲವರು ಪುರಸಭೆಯ ಕೆಲವು ಸದಸ್ಯರಿಗೆ ಆತನನ್ನು ಒಕ್ಕಲೆಬ್ಬಿಸಲು ಒತ್ತಡ ಹೇರಿದ್ದು ಈ ಹಿನ್ನೆಲೆಯಲ್ಲಿ ಅಣ್ಣಪನಿಗೆ ಪುರಸಭೆಯವರು ವಿಪರೀತ ಕಿರುಕುಳ ನೀಡುತ್ತಿದ್ದು ಹೀಗಾಗಿ ಆತ ಹಲವು ದಿನಗಳಿಂದ ತರಕಾರಿಯನ್ನು ಮಾರಲಾಗದೆ

ಬೀದಿಗೆ ಬರುವಂತಾಗಿದೆ ಹಾಗೂ ಹೀಗು ಸೋಮವಾರ ಆತ ತರಕಾರಿ ವ್ಯಾಪಾರ ಮಾಡುವಾಗ ಬಂದ ಪುರಸಭೆಯ ಮುಖ್ಯಾಧಿಕಾರಿ ಮಹೇಶ್ವರಪ್ಪ ಆತನಿಗೆ ಇಲ್ಲ ಸಲ್ಲದ ಒತ್ತಡ ಹೇರಿ ಬೆದರಿಸಿ ಆತನನ್ನು ಸ್ಥಳದಿಂದ ಎತ್ತಂಗಡಿ ಮಾಡಲು ಮುಂದಾಗಿದ್ದಾರೆ. ಈ ವೇಳೆ ಕರವೇ

ಪ್ರವೀಣ್ ಶೆಟ್ಟಿ ಬಣದ ರಮೇಶ್ ಪೂಜಾರಿ, ಹಾಜರಿದ್ದ ಕೆಲವು ಪತ್ರಕರ್ತರು, ಸಾರ್ವಜನಿಕರು ಪುರಸಭಾ ಮುಖ್ಯಾಧಿಕಾರಿಯನ್ನು ತರಾಟೆಗೆ ತೆಗೆದುಕೊಂಡಿದ್ದಾರೆ. ಪಟ್ಟಣದಲ್ಲಿ ಎಲ್ಲೆಡೆ ಬೀದಿ ಬದಿ ವ್ಯಾಪಾರಸ್ಥರಿದ್ದು ಇವರುಗಳನ್ನು ಒಕ್ಕಲೆಬ್ಬಿಸಿದೆ ಇವನೊಬ್ಬನನ್ನು ಮಾತ್ರ ಒಕ್ಕಲೆಬ್ಬಿಸುವುದು ಎಷ್ಟು ಸರಿ ಎಂದು ಸಾರ್ವಜನಿಕರು ತೀವ್ರ ಆಕ್ರೋಶ ವ್ಯಕ್ತಪಡಿಸಿದ ಹಿನ್ನೆಲೆಯಲ್ಲಿ ಪುರಸಭಾ ಮುಖ್ಯಾಧಿಕಾರಿಗಳು ಸ್ಥಳದಿಂದ ಹಿಂತಿರುಗಿರುತ್ತಾರೆ.

ಚನ್ನರಾಯಪಟ್ಟಣ ತಾಲೂಕು ಶ್ರವಣಬೆಳಗೊಳ ಕೃಷಿ ಇಲಾಖೆಯಲ್ಲಿ ಸಹಾಯಕ ತಾಂತ್ರಿಕ ವ್ಯವಸ್ಥಾಪಕರಾಗಿ ಕಾರ್ಯನಿರ್ವಹಿಸುತ್ತಿರುವ ಅರ್ಪಿತ ಜೆ ಕೆರವರು ಪ್ರಾಣ ಜ್ಯೋತಿ ಯೋಗ ಸಂಸ್ಥೆ ವತಿಯಿಂದ ಶಿವಮೊಗ್ಗ ಜಿಲ್ಲೆ ಸಾಗರ ತಾಲೂಕಿನಲ್ಲಿ ಶ್ರೀ ಗುರುಕುಲಂ ವಿದ್ಯಾ ಕೇಂದ್ರ ವತಿಯಿಂದ ನಡೆದ ಕರ್ನಾಟಕ ರಾಜ್ಯ ಯೋಗಾಸನ ಕ್ರೀಡಾ ಚಾಂಪಿಯನ್ ಶಿಪ್-2025ರ ರಾಜ್ಯ ಮಟ್ಟದ ಯೋಗಾಸನ ಸ್ಪರ್ಧೆಯಲ್ಲಿ ನಾಲ್ಕನೇ ಸ್ಥಾನ ಪಡೆದಿರುತ್ತಾರೆ.
